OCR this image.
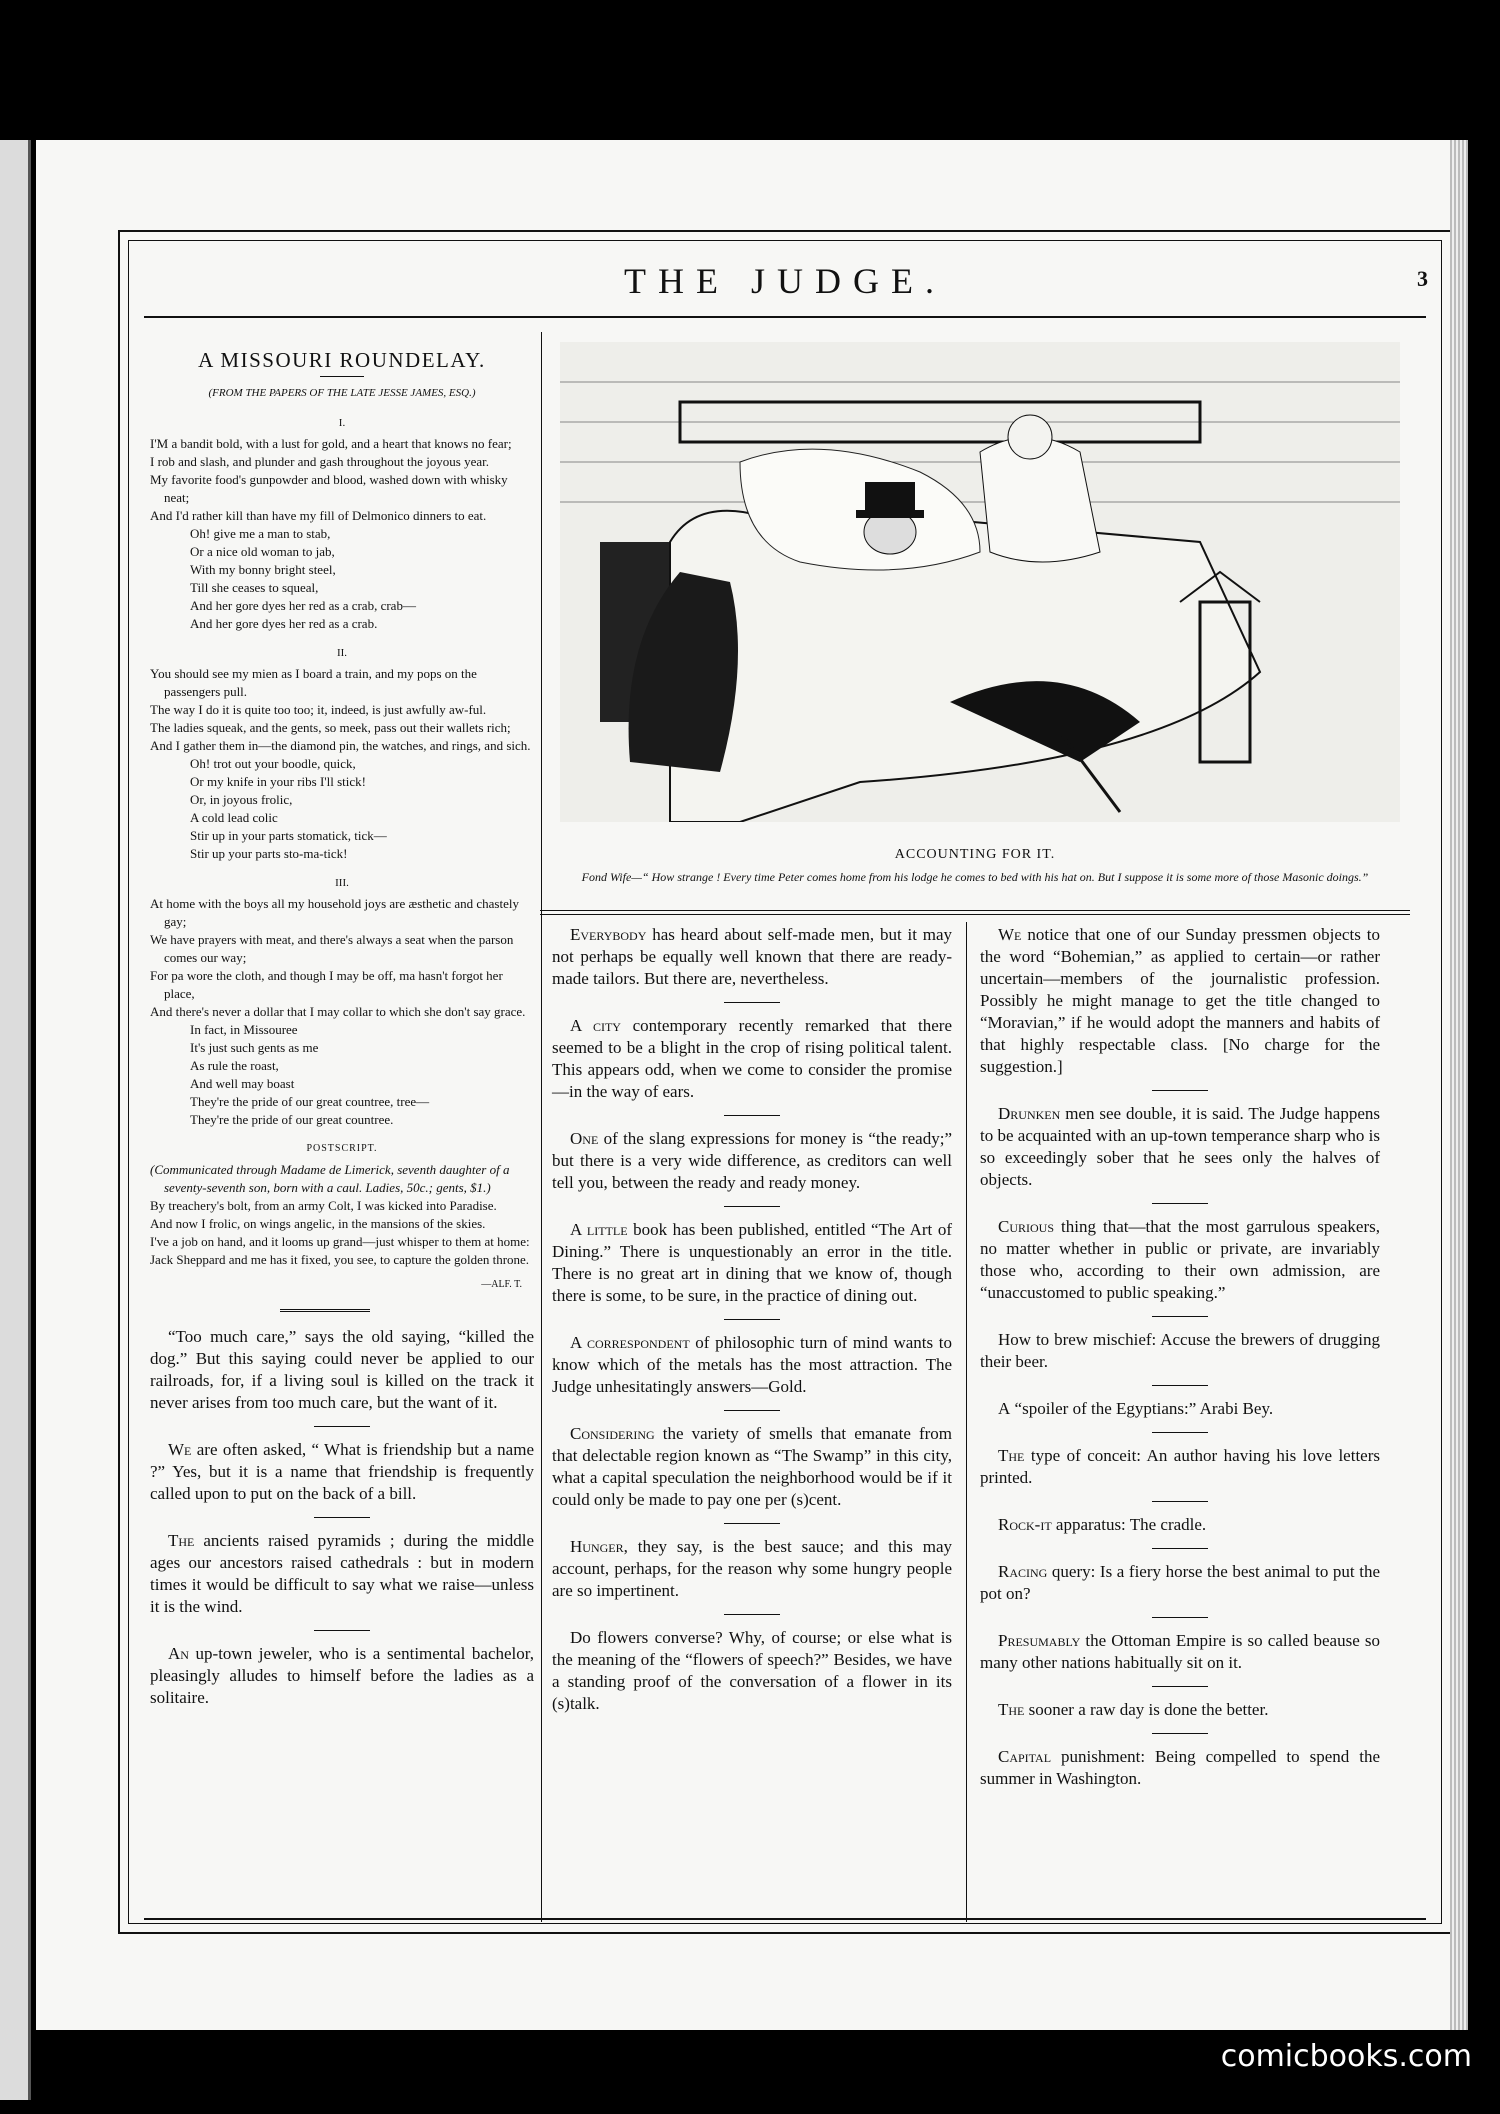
THE JUDGE.	3
A MISSOURI ROUNDELAY.
(FROM THE PAPERS OF THE LATE JESSE JAMES, ESQ.)
I.
I'M a bandit bold, with a lust for gold, and a heart that knows no fear;
I rob and slash, and plunder and gash throughout the joyous year.
My favorite food's gunpowder and blood, washed down with whisky neat;
And I'd rather kill than have my fill of Delmonico dinners to eat.
Oh! give me a man to stab,
Or a nice old woman to jab,
With my bonny bright steel,
Till she ceases to squeal,
And her gore dyes her red as a crab, crab—
And her gore dyes her red as a crab.
II.
You should see my mien as I board a train, and my pops on the passengers pull.
The way I do it is quite too too; it, indeed, is just awfully aw-ful.
The ladies squeak, and the gents, so meek, pass out their wallets rich;
And I gather them in—the diamond pin, the watches, and rings, and sich.
Oh! trot out your boodle, quick,
Or my knife in your ribs I'll stick!
Or, in joyous frolic,
A cold lead colic
Stir up in your parts stomatick, tick—
Stir up your parts sto-ma-tick!
III.
At home with the boys all my household joys are æsthetic and chastely gay;
We have prayers with meat, and there's always a seat when the parson comes our way;
For pa wore the cloth, and though I may be off, ma hasn't forgot her place,
And there's never a dollar that I may collar to which she don't say grace.
In fact, in Missouree
It's just such gents as me
As rule the roast,
And well may boast
They're the pride of our great countree, tree—
They're the pride of our great countree.
POSTSCRIPT.
(Communicated through Madame de Limerick, seventh daughter of a seventy-seventh son, born with a caul. Ladies, 50c.; gents, $1.)
By treachery's bolt, from an army Colt, I was kicked into Paradise.
And now I frolic, on wings angelic, in the mansions of the skies.
I've a job on hand, and it looms up grand—just whisper to them at home:
Jack Sheppard and me has it fixed, you see, to capture the golden throne.
—ALF. T.

“Too much care,” says the old saying, “killed the dog.” But this saying could never be applied to our railroads, for, if a living soul is killed on the track it never arises from too much care, but the want of it.

We are often asked, “ What is friendship but a name ?” Yes, but it is a name that friendship is frequently called upon to put on the back of a bill.

The ancients raised pyramids ; during the middle ages our ancestors raised cathedrals : but in modern times it would be difficult to say what we raise—unless it is the wind.

An up-town jeweler, who is a sentimental bachelor, pleasingly alludes to himself before the ladies as a solitaire.

ACCOUNTING FOR IT.
Fond Wife—“ How strange ! Every time Peter comes home from his lodge he comes to bed with his hat on. But I suppose it is some more of those Masonic doings.”

Everybody has heard about self-made men, but it may not perhaps be equally well known that there are ready-made tailors. But there are, nevertheless.

A city contemporary recently remarked that there seemed to be a blight in the crop of rising political talent. This appears odd, when we come to consider the promise—in the way of ears.

One of the slang expressions for money is “the ready;” but there is a very wide difference, as creditors can well tell you, between the ready and ready money.

A little book has been published, entitled “The Art of Dining.” There is unquestionably an error in the title. There is no great art in dining that we know of, though there is some, to be sure, in the practice of dining out.

A correspondent of philosophic turn of mind wants to know which of the metals has the most attraction. The Judge unhesitatingly answers—Gold.

Considering the variety of smells that emanate from that delectable region known as “The Swamp” in this city, what a capital speculation the neighborhood would be if it could only be made to pay one per (s)cent.

Hunger, they say, is the best sauce; and this may account, perhaps, for the reason why some hungry people are so impertinent.

Do flowers converse? Why, of course; or else what is the meaning of the “flowers of speech?” Besides, we have a standing proof of the conversation of a flower in its (s)talk.

We notice that one of our Sunday pressmen objects to the word “Bohemian,” as applied to certain—or rather uncertain—members of the journalistic profession. Possibly he might manage to get the title changed to “Moravian,” if he would adopt the manners and habits of that highly respectable class. [No charge for the suggestion.]

Drunken men see double, it is said. The Judge happens to be acquainted with an up-town temperance sharp who is so exceedingly sober that he sees only the halves of objects.

Curious thing that—that the most garrulous speakers, no matter whether in public or private, are invariably those who, according to their own admission, are “unaccustomed to public speaking.”

How to brew mischief: Accuse the brewers of drugging their beer.

A “spoiler of the Egyptians:” Arabi Bey.

The type of conceit: An author having his love letters printed.

Rock-it apparatus: The cradle.

Racing query: Is a fiery horse the best animal to put the pot on?

Presumably the Ottoman Empire is so called beause so many other nations habitually sit on it.

The sooner a raw day is done the better.

Capital punishment: Being compelled to spend the summer in Washington.

comicbooks.com
